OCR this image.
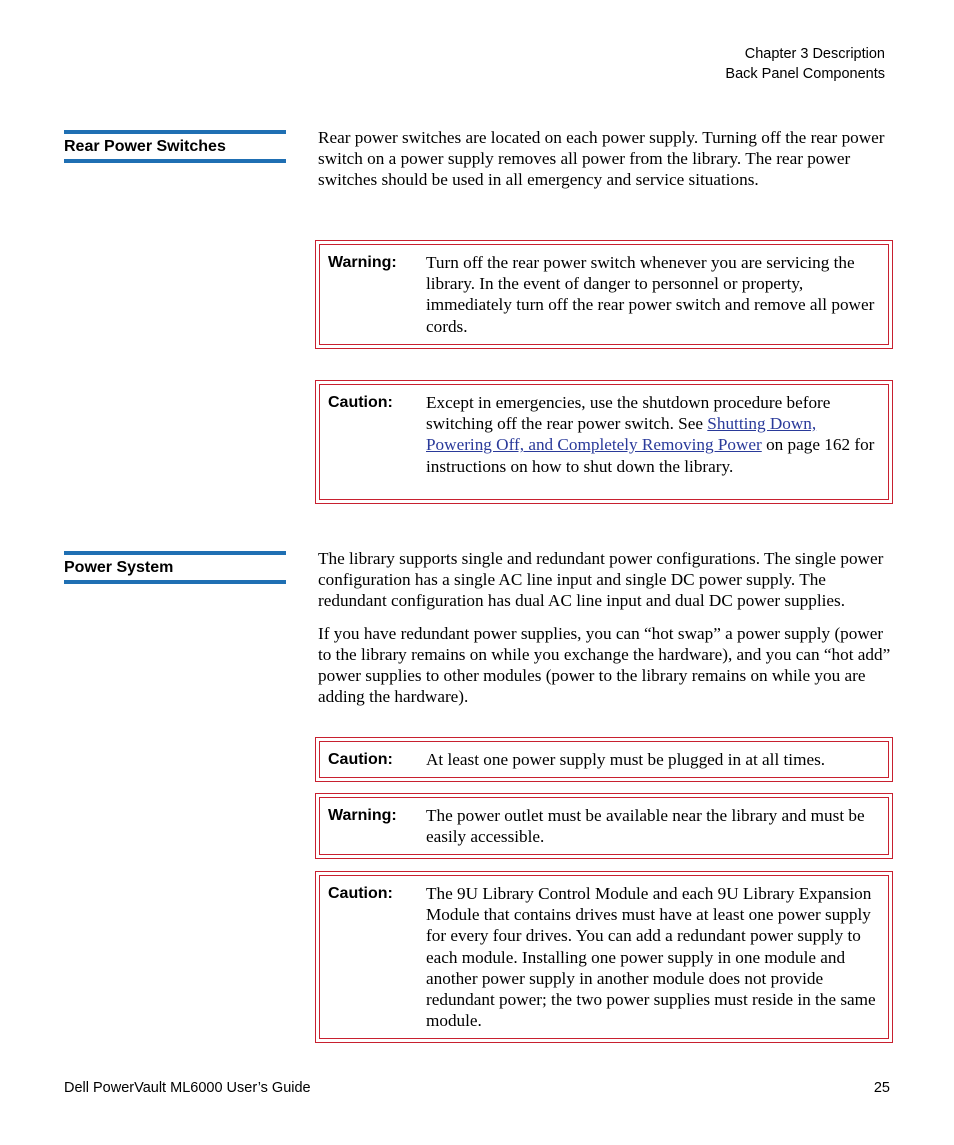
Chapter 3 Description
Back Panel Components
Rear Power Switches	Rear power switches are located on each power supply. Turning off the rear power switch on a power supply removes all power from the library. The rear power switches should be used in all emergency and service situations.

Warning:	Turn off the rear power switch whenever you are servicing the library. In the event of danger to personnel or property, immediately turn off the rear power switch and remove all power cords.
Caution:	Except in emergencies, use the shutdown procedure before switching off the rear power switch. See Shutting Down, Powering Off, and Completely Removing Power on page 162 for instructions on how to shut down the library.
Power System	The library supports single and redundant power configurations. The single power configuration has a single AC line input and single DC power supply. The redundant configuration has dual AC line input and dual DC power supplies.

If you have redundant power supplies, you can “hot swap” a power supply (power to the library remains on while you exchange the hardware), and you can “hot add” power supplies to other modules (power to the library remains on while you are adding the hardware).

Caution:	At least one power supply must be plugged in at all times.
Warning:	The power outlet must be available near the library and must be easily accessible.
Caution:	The 9U Library Control Module and each 9U Library Expansion Module that contains drives must have at least one power supply for every four drives. You can add a redundant power supply to each module. Installing one power supply in one module and another power supply in another module does not provide redundant power; the two power supplies must reside in the same module.
Dell PowerVault ML6000 User’s Guide	25
